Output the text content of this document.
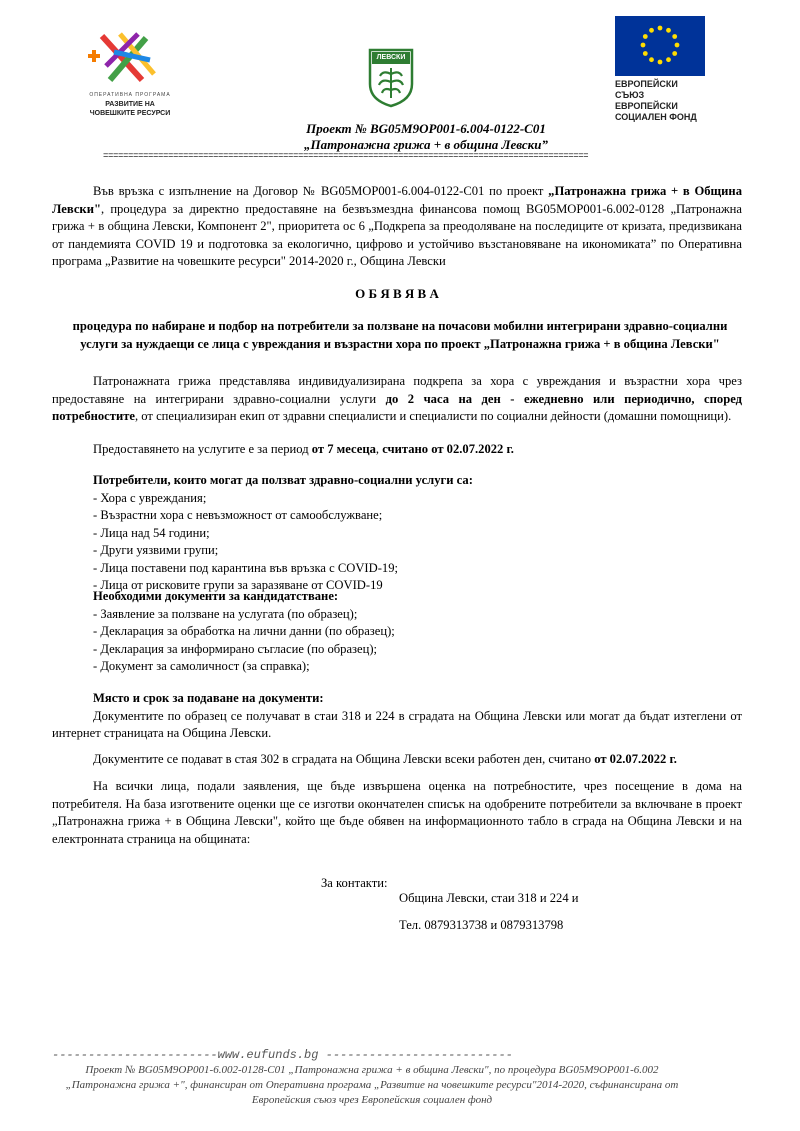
ОПЕРАТИВНА ПРОГРАМА
РАЗВИТИЕ НА
ЧОВЕШКИТЕ РЕСУРСИ
ЛЕВСКИ
ЕВРОПЕЙСКИ СЪЮЗ
ЕВРОПЕЙСКИ
СОЦИАЛЕН ФОНД
Проект № BG05M9OP001-6.004-0122-C01
„Патронажна грижа + в община Левски”
=================================================================================================
Във връзка с изпълнение на Договор № BG05МОР001-6.004-0122-C01 по проект „Патронажна грижа + в Община Левски", процедура за директно предоставяне на безвъзмездна финансова помощ BG05MOP001-6.002-0128 „Патронажна грижа + в община Левски, Компонент 2", приоритета ос 6 „Подкрепа за преодоляване на последиците от кризата, предизвикана от пандемията COVID 19 и подготовка за екологично, цифрово и устойчиво възстановяване на икономиката” по Оперативна програма „Развитие на човешките ресурси" 2014-2020 г., Община Левски
О Б Я В Я В А
процедура по набиране и подбор на потребители за ползване на почасови мобилни интегрирани здравно-социални услуги за нуждаещи се лица с увреждания и възрастни хора по проект „Патронажна грижа + в община Левски"
Патронажната грижа представлява индивидуализирана подкрепа за хора с увреждания и възрастни хора чрез предоставяне на интегрирани здравно-социални услуги до 2 часа на ден - ежедневно или периодично, според потребностите, от специализиран екип от здравни специалисти и специалисти по социални дейности (домашни помощници).
Предоставянето на услугите е за период от 7 месеца, считано от 02.07.2022 г.
Потребители, които могат да ползват здравно-социални услуги са:
- Хора с увреждания;
- Възрастни хора с невъзможност от самообслужване;
- Лица над 54 години;
- Други уязвими групи;
- Лица поставени под карантина във връзка с COVID-19;
- Лица от рисковите групи за заразяване от COVID-19
Необходими документи за кандидатстване:
- Заявление за ползване на услугата (по образец);
- Декларация за обработка на лични данни (по образец);
- Декларация за информирано съгласие (по образец);
- Документ за самоличност (за справка);
Място и срок за подаване на документи:
Документите по образец се получават в стаи 318 и 224 в сградата на Община Левски или могат да бъдат изтеглени от интернет страницата на Община Левски.
Документите се подават в стая 302 в сградата на Община Левски всеки работен ден, считано от 02.07.2022 г.
На всички лица, подали заявления, ще бъде извършена оценка на потребностите, чрез посещение в дома на потребителя. На база изготвените оценки ще се изготви окончателен списък на одобрените потребители за включване в проект „Патронажна грижа + в Община Левски", който ще бъде обявен на информационното табло в сграда на Община Левски и на електронната страница на общината:
За контакти:
Община Левски, стаи 318 и 224 и
Тел. 0879313738 и 0879313798
-----------------------www.eufunds.bg --------------------------
Проект № BG05M9OP001-6.002-0128-C01 „Патронажна грижа + в община Левски", по процедура BG05M9OP001-6.002 „Патронажна грижа +", финансиран от Оперативна програма „Развитие на човешките ресурси"2014-2020, съфинансирана от Европейския съюз чрез Европейския социален фонд
